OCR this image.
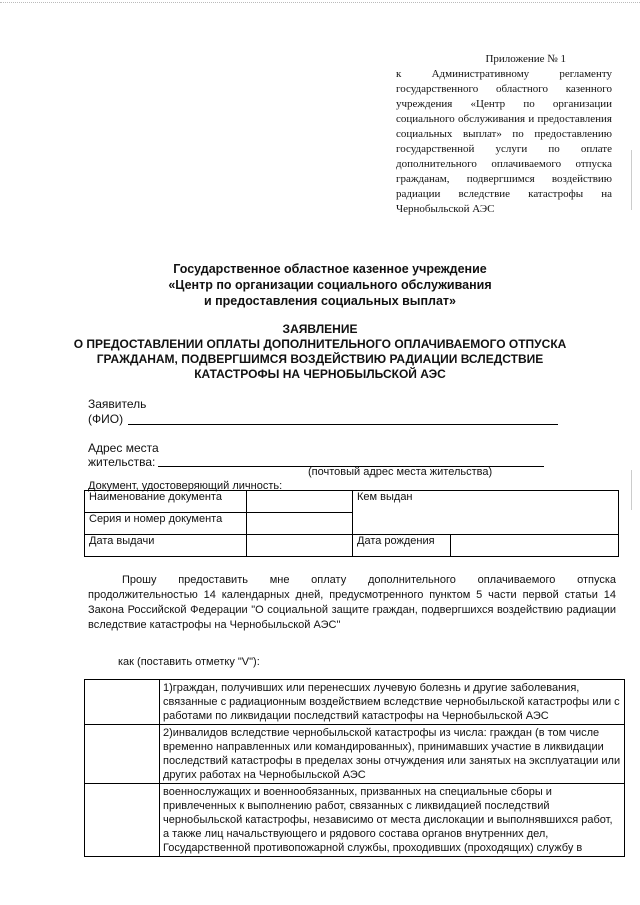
Приложение № 1
к Административному регламенту государственного областного казенного учреждения «Центр по организации социального обслуживания и предоставления социальных выплат» по предоставлению государственной услуги по оплате дополнительного оплачиваемого отпуска гражданам, подвергшимся воздействию радиации вследствие катастрофы на Чернобыльской АЭС
Государственное областное казенное учреждение
«Центр по организации социального обслуживания
и предоставления социальных выплат»
ЗАЯВЛЕНИЕ
О ПРЕДОСТАВЛЕНИИ ОПЛАТЫ ДОПОЛНИТЕЛЬНОГО ОПЛАЧИВАЕМОГО ОТПУСКА
ГРАЖДАНАМ, ПОДВЕРГШИМСЯ ВОЗДЕЙСТВИЮ РАДИАЦИИ ВСЛЕДСТВИЕ
КАТАСТРОФЫ НА ЧЕРНОБЫЛЬСКОЙ АЭС
Заявитель
(ФИО)
Адрес места
жительства:
(почтовый адрес места жительства)
Документ, удостоверяющий личность:
Наименование документа		Кем выдан	
Серия и номер документа			
Дата выдачи		Дата рождения	
Прошу предоставить мне оплату дополнительного оплачиваемого отпуска продолжительностью 14 календарных дней, предусмотренного пунктом 5 части первой статьи 14 Закона Российской Федерации "О социальной защите граждан, подвергшихся воздействию радиации вследствие катастрофы на Чернобыльской АЭС"
как (поставить отметку "V"):
	1)граждан, получивших или перенесших лучевую болезнь и другие заболевания, связанные с радиационным воздействием вследствие чернобыльской катастрофы или с работами по ликвидации последствий катастрофы на Чернобыльской АЭС
	2)инвалидов вследствие чернобыльской катастрофы из числа: граждан (в том числе временно направленных или командированных), принимавших участие в ликвидации последствий катастрофы в пределах зоны отчуждения или занятых на эксплуатации или других работах на Чернобыльской АЭС
	военнослужащих и военнообязанных, призванных на специальные сборы и привлеченных к выполнению работ, связанных с ликвидацией последствий чернобыльской катастрофы, независимо от места дислокации и выполнявшихся работ, а также лиц начальствующего и рядового состава органов внутренних дел, Государственной противопожарной службы, проходивших (проходящих) службу в
